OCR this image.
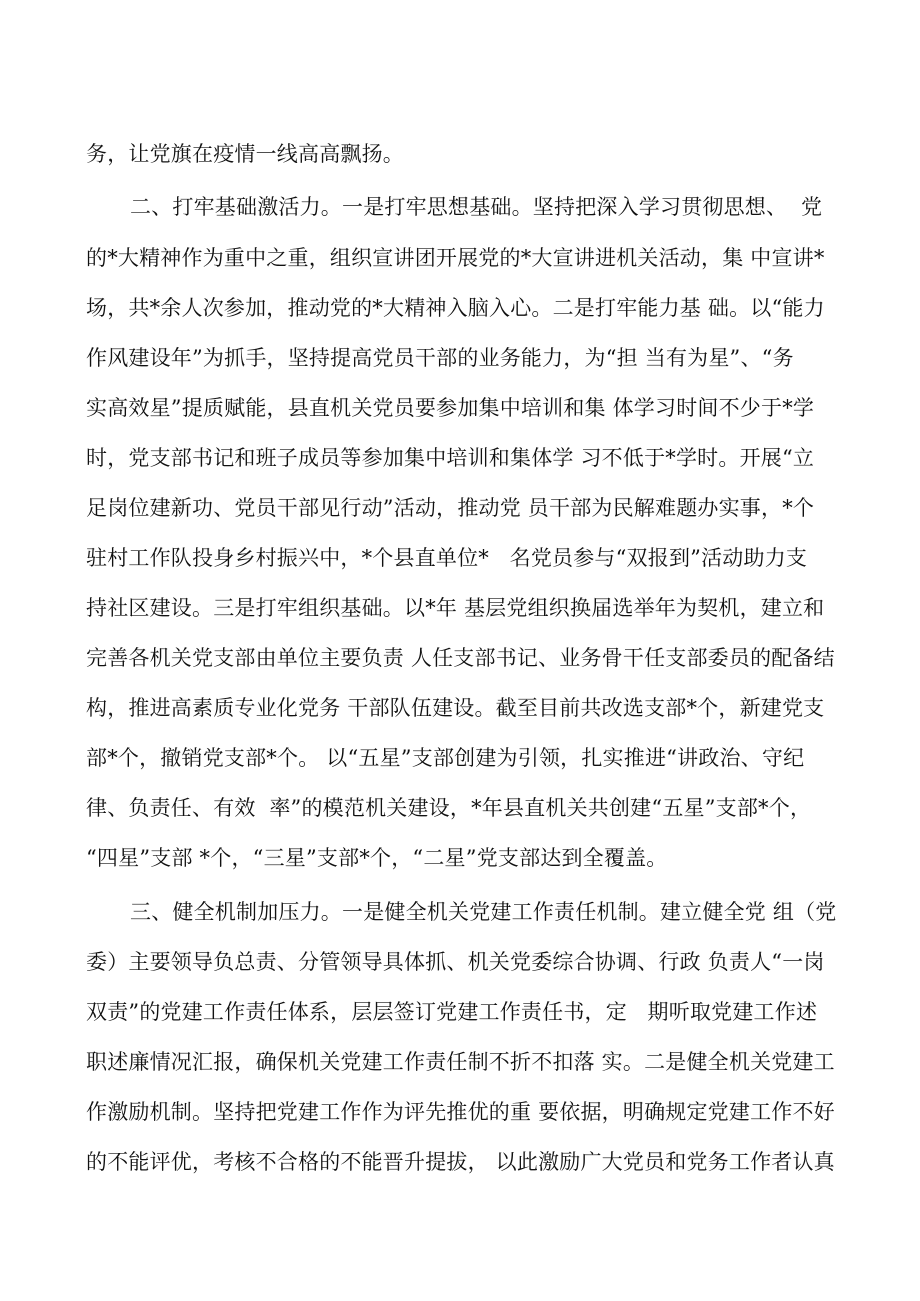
务，让党旗在疫情一线高高飘扬。
二、打牢基础激活力。一是打牢思想基础。坚持把深入学习贯彻思想、  党
的*大精神作为重中之重，组织宣讲团开展党的*大宣讲进机关活动，集 中宣讲*
场，共*余人次参加，推动党的*大精神入脑入心。二是打牢能力基 础。以“能力
作风建设年”为抓手，坚持提高党员干部的业务能力，为“担 当有为星”、“务
实高效星”提质赋能，县直机关党员要参加集中培训和集 体学习时间不少于*学
时，党支部书记和班子成员等参加集中培训和集体学 习不低于*学时。开展“立
足岗位建新功、党员干部见行动”活动，推动党 员干部为民解难题办实事，*个
驻村工作队投身乡村振兴中，*个县直单位*   名党员参与“双报到”活动助力支
持社区建设。三是打牢组织基础。以*年 基层党组织换届选举年为契机，建立和
完善各机关党支部由单位主要负责 人任支部书记、业务骨干任支部委员的配备结
构，推进高素质专业化党务 干部队伍建设。截至目前共改选支部*个，新建党支
部*个，撤销党支部*个。 以“五星”支部创建为引领，扎实推进“讲政治、守纪
律、负责任、有效  率”的模范机关建设，*年县直机关共创建“五星”支部*个，
“四星”支部 *个，“三星”支部*个，“二星”党支部达到全覆盖。
三、健全机制加压力。一是健全机关党建工作责任机制。建立健全党 组（党
委）主要领导负总责、分管领导具体抓、机关党委综合协调、行政 负责人“一岗
双责”的党建工作责任体系，层层签订党建工作责任书，定   期听取党建工作述
职述廉情况汇报，确保机关党建工作责任制不折不扣落 实。二是健全机关党建工
作激励机制。坚持把党建工作作为评先推优的重 要依据，明确规定党建工作不好
的不能评优，考核不合格的不能晋升提拔， 以此激励广大党员和党务工作者认真
